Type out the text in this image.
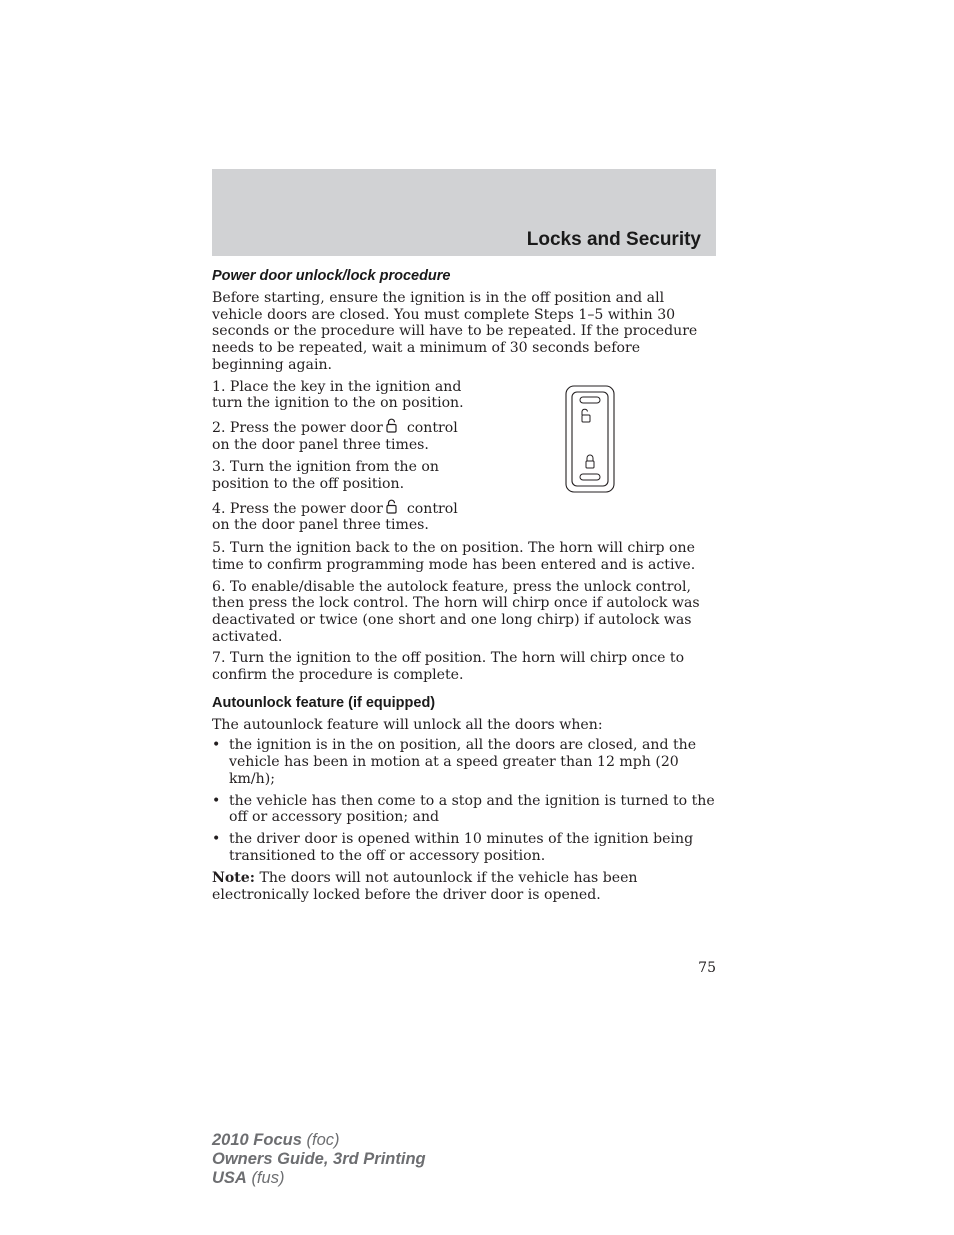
Locks and Security
Power door unlock/lock procedure

Before starting, ensure the ignition is in the off position and all vehicle doors are closed. You must complete Steps 1–5 within 30 seconds or the procedure will have to be repeated. If the procedure needs to be repeated, wait a minimum of 30 seconds before beginning again.

1. Place the key in the ignition and turn the ignition to the on position.

2. Press the power door control on the door panel three times.

3. Turn the ignition from the on position to the off position.

4. Press the power door control on the door panel three times.

5. Turn the ignition back to the on position. The horn will chirp one time to confirm programming mode has been entered and is active.

6. To enable/disable the autolock feature, press the unlock control, then press the lock control. The horn will chirp once if autolock was deactivated or twice (one short and one long chirp) if autolock was activated.

7. Turn the ignition to the off position. The horn will chirp once to confirm the procedure is complete.

Autounlock feature (if equipped)

The autounlock feature will unlock all the doors when:

• the ignition is in the on position, all the doors are closed, and the vehicle has been in motion at a speed greater than 12 mph (20 km/h);
• the vehicle has then come to a stop and the ignition is turned to the off or accessory position; and
• the driver door is opened within 10 minutes of the ignition being transitioned to the off or accessory position.

Note: The doors will not autounlock if the vehicle has been electronically locked before the driver door is opened.

75
2010 Focus (foc)
Owners Guide, 3rd Printing
USA (fus)
